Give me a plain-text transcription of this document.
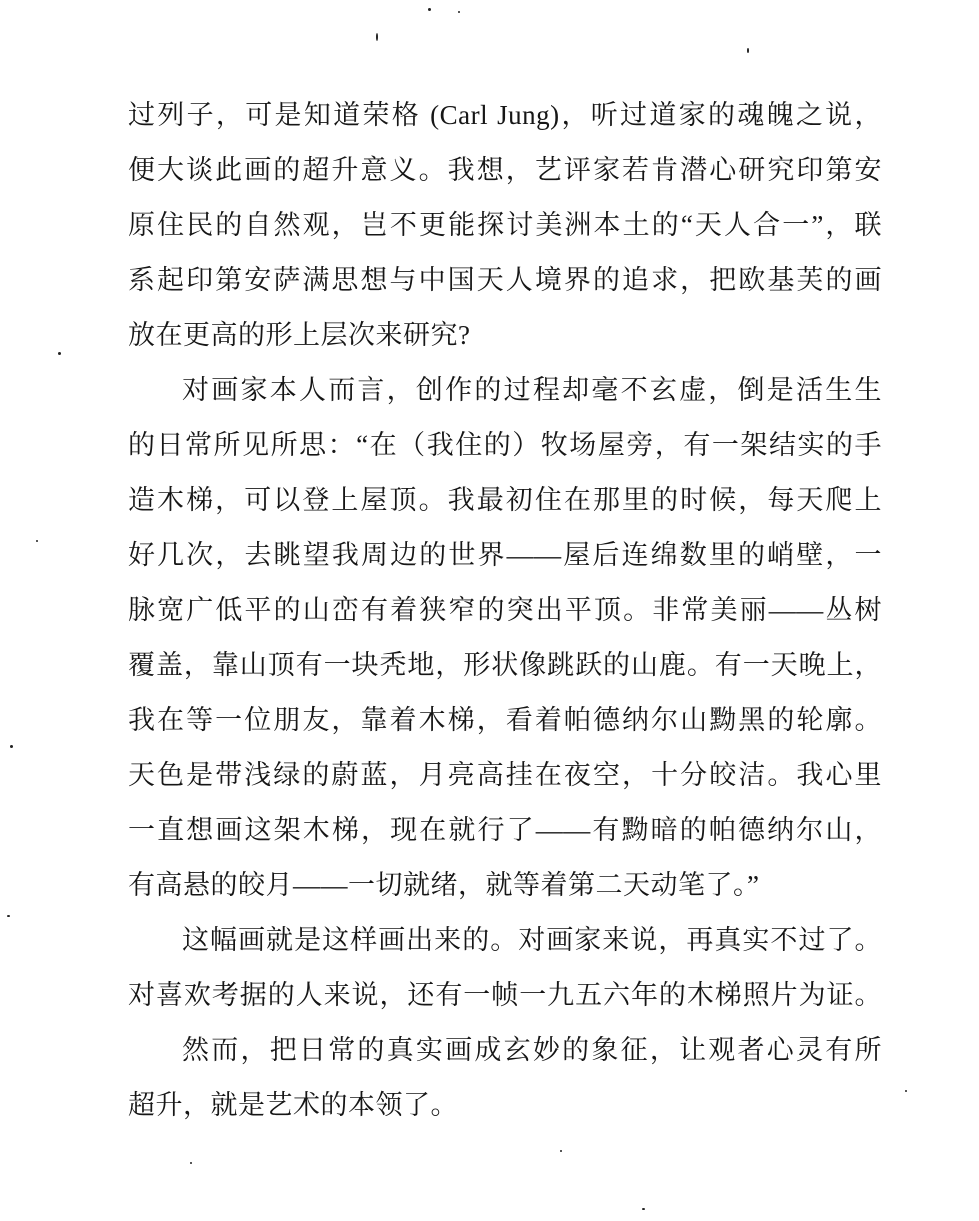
过列子，可是知道荣格 (Carl Jung)，听过道家的魂魄之说，
便大谈此画的超升意义。我想，艺评家若肯潜心研究印第安
原住民的自然观，岂不更能探讨美洲本土的“天人合一”，联
系起印第安萨满思想与中国天人境界的追求，把欧基芙的画
放在更高的形上层次来研究?
对画家本人而言，创作的过程却毫不玄虚，倒是活生生
的日常所见所思：“在（我住的）牧场屋旁，有一架结实的手
造木梯，可以登上屋顶。我最初住在那里的时候，每天爬上
好几次，去眺望我周边的世界——屋后连绵数里的峭壁，一
脉宽广低平的山峦有着狭窄的突出平顶。非常美丽——丛树
覆盖，靠山顶有一块秃地，形状像跳跃的山鹿。有一天晚上，
我在等一位朋友，靠着木梯，看着帕德纳尔山黝黑的轮廓。
天色是带浅绿的蔚蓝，月亮高挂在夜空，十分皎洁。我心里
一直想画这架木梯，现在就行了——有黝暗的帕德纳尔山，
有高悬的皎月——一切就绪，就等着第二天动笔了。”
这幅画就是这样画出来的。对画家来说，再真实不过了。
对喜欢考据的人来说，还有一帧一九五六年的木梯照片为证。
然而，把日常的真实画成玄妙的象征，让观者心灵有所
超升，就是艺术的本领了。
